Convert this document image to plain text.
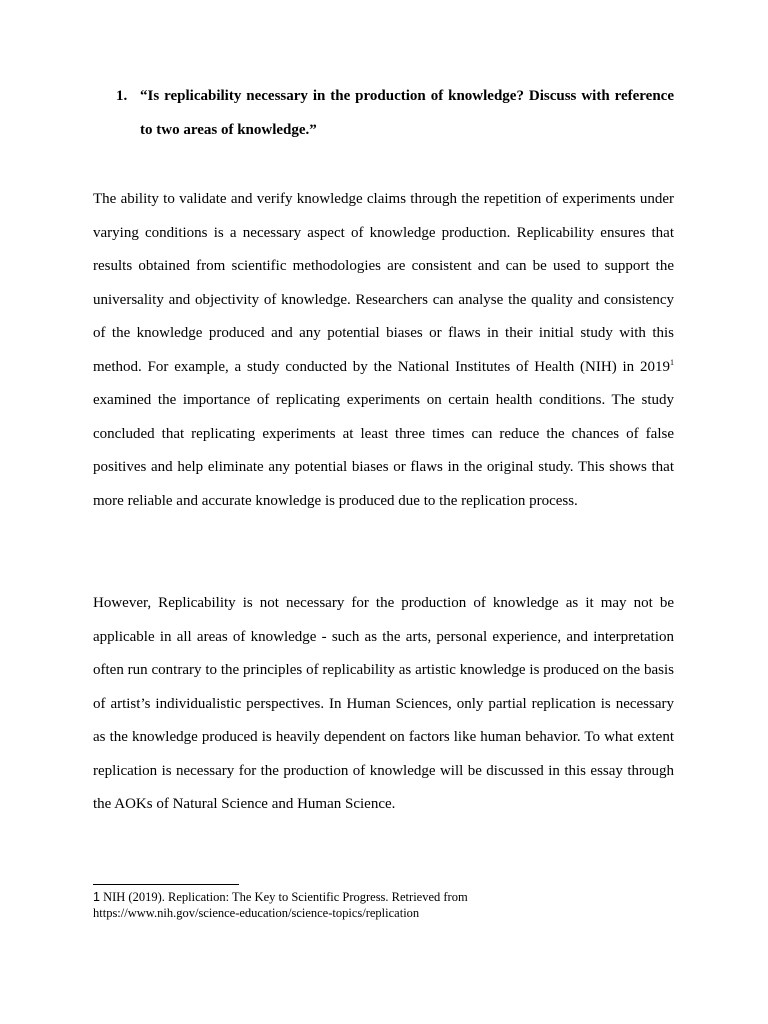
1. “Is replicability necessary in the production of knowledge? Discuss with reference to two areas of knowledge.”

The ability to validate and verify knowledge claims through the repetition of experiments under varying conditions is a necessary aspect of knowledge production. Replicability ensures that results obtained from scientific methodologies are consistent and can be used to support the universality and objectivity of knowledge. Researchers can analyse the quality and consistency of the knowledge produced and any potential biases or flaws in their initial study with this method. For example, a study conducted by the National Institutes of Health (NIH) in 2019$^1$ examined the importance of replicating experiments on certain health conditions. The study concluded that replicating experiments at least three times can reduce the chances of false positives and help eliminate any potential biases or flaws in the original study. This shows that more reliable and accurate knowledge is produced due to the replication process.

However, Replicability is not necessary for the production of knowledge as it may not be applicable in all areas of knowledge - such as the arts, personal experience, and interpretation often run contrary to the principles of replicability as artistic knowledge is produced on the basis of artist’s individualistic perspectives. In Human Sciences, only partial replication is necessary as the knowledge produced is heavily dependent on factors like human behavior. To what extent replication is necessary for the production of knowledge will be discussed in this essay through the AOKs of Natural Science and Human Science.

1 NIH (2019). Replication: The Key to Scientific Progress. Retrieved from
https://www.nih.gov/science-education/science-topics/replication
